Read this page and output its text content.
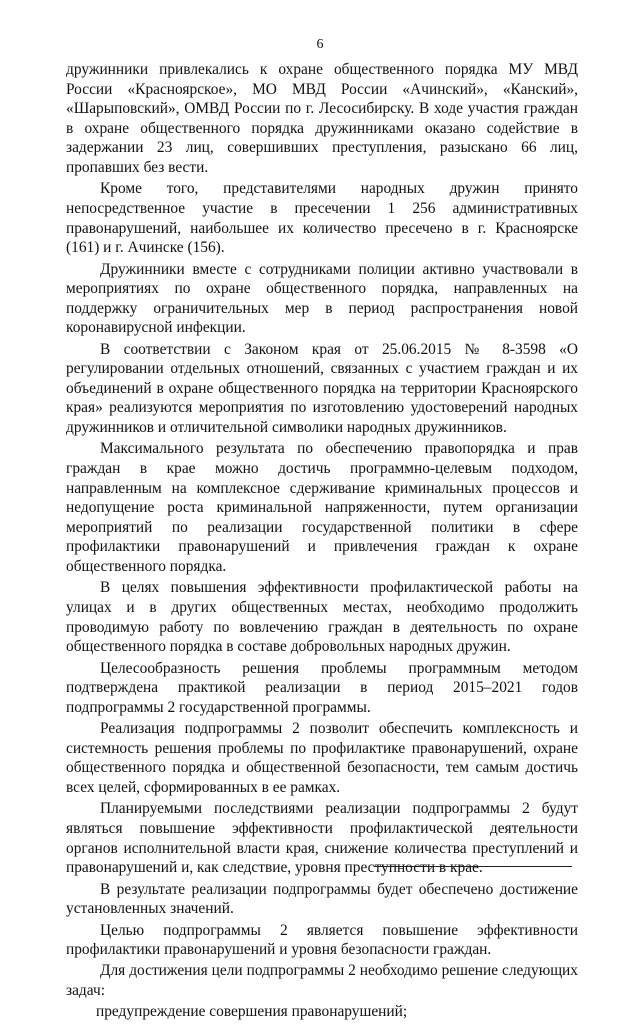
6

дружинники привлекались к охране общественного порядка МУ МВД России «Красноярское», МО МВД России «Ачинский», «Канский», «Шарыповский», ОМВД России по г. Лесосибирску. В ходе участия граждан в охране общественного порядка дружинниками оказано содействие в задержании 23 лиц, совершивших преступления, разыскано 66 лиц, пропавших без вести.

Кроме того, представителями народных дружин принято непосредственное участие в пресечении 1 256 административных правонарушений, наибольшее их количество пресечено в г. Красноярске (161) и г. Ачинске (156).

Дружинники вместе с сотрудниками полиции активно участвовали в мероприятиях по охране общественного порядка, направленных на поддержку ограничительных мер в период распространения новой коронавирусной инфекции.

В соответствии с Законом края от 25.06.2015 № 8-3598 «О регулировании отдельных отношений, связанных с участием граждан и их объединений в охране общественного порядка на территории Красноярского края» реализуются мероприятия по изготовлению удостоверений народных дружинников и отличительной символики народных дружинников.

Максимального результата по обеспечению правопорядка и прав граждан в крае можно достичь программно-целевым подходом, направленным на комплексное сдерживание криминальных процессов и недопущение роста криминальной напряженности, путем организации мероприятий по реализации государственной политики в сфере профилактики правонарушений и привлечения граждан к охране общественного порядка.

В целях повышения эффективности профилактической работы на улицах и в других общественных местах, необходимо продолжить проводимую работу по вовлечению граждан в деятельность по охране общественного порядка в составе добровольных народных дружин.

Целесообразность решения проблемы программным методом подтверждена практикой реализации в период 2015–2021 годов подпрограммы 2 государственной программы.

Реализация подпрограммы 2 позволит обеспечить комплексность и системность решения проблемы по профилактике правонарушений, охране общественного порядка и общественной безопасности, тем самым достичь всех целей, сформированных в ее рамках.

Планируемыми последствиями реализации подпрограммы 2 будут являться повышение эффективности профилактической деятельности органов исполнительной власти края, снижение количества преступлений и правонарушений и, как следствие, уровня преступности в крае.

В результате реализации подпрограммы будет обеспечено достижение установленных значений.

Целью подпрограммы 2 является повышение эффективности профилактики правонарушений и уровня безопасности граждан.

Для достижения цели подпрограммы 2 необходимо решение следующих задач:

предупреждение совершения правонарушений;
